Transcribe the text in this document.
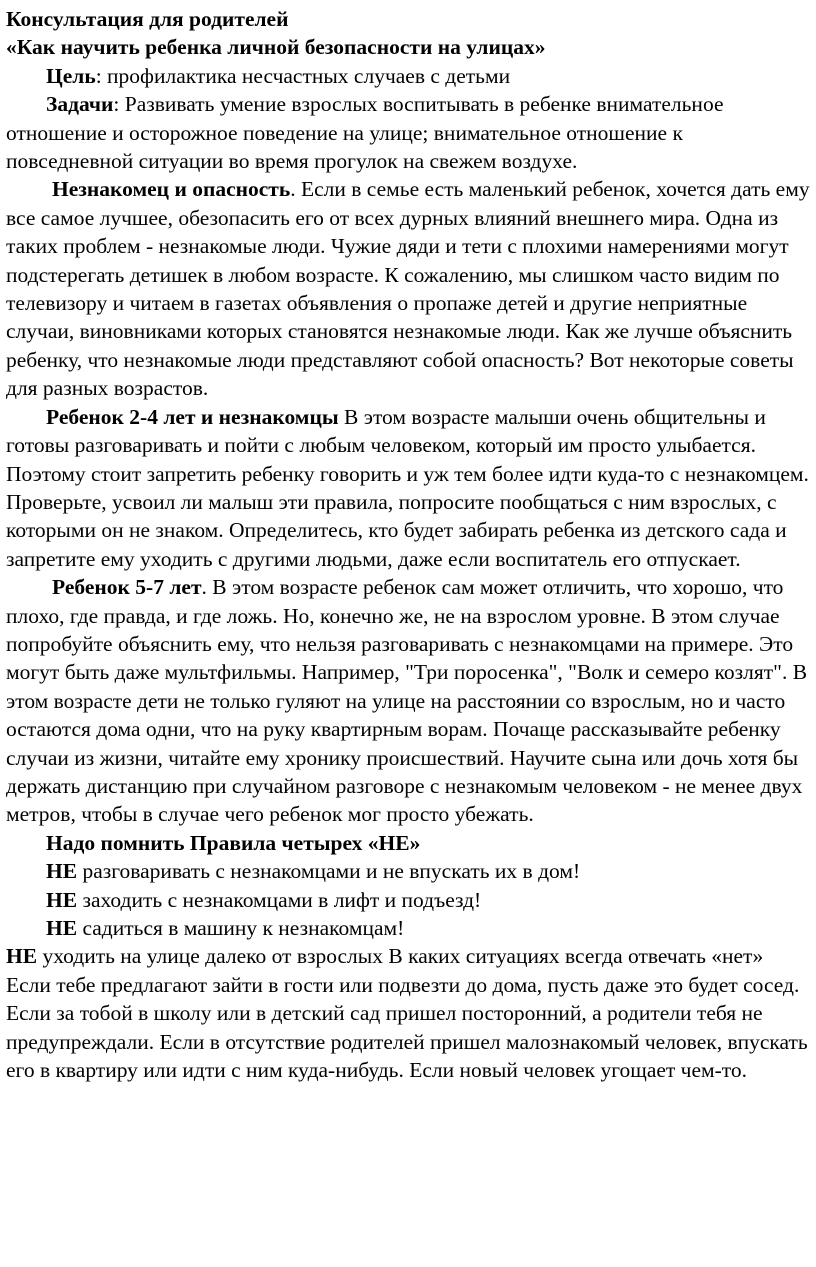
Консультация для родителей
«Как научить ребенка личной безопасности на улицах»

Цель: профилактика несчастных случаев с детьми

Задачи: Развивать умение взрослых воспитывать в ребенке внимательное отношение и осторожное поведение на улице; внимательное отношение к повседневной ситуации во время прогулок на свежем воздухе.

Незнакомец и опасность. Если в семье есть маленький ребенок, хочется дать ему все самое лучшее, обезопасить его от всех дурных влияний внешнего мира. Одна из таких проблем - незнакомые люди. Чужие дяди и тети с плохими намерениями могут подстерегать детишек в любом возрасте. К сожалению, мы слишком часто видим по телевизору и читаем в газетах объявления о пропаже детей и другие неприятные случаи, виновниками которых становятся незнакомые люди. Как же лучше объяснить ребенку, что незнакомые люди представляют собой опасность? Вот некоторые советы для разных возрастов.

Ребенок 2-4 лет и незнакомцы В этом возрасте малыши очень общительны и готовы разговаривать и пойти с любым человеком, который им просто улыбается. Поэтому стоит запретить ребенку говорить и уж тем более идти куда-то с незнакомцем. Проверьте, усвоил ли малыш эти правила, попросите пообщаться с ним взрослых, с которыми он не знаком. Определитесь, кто будет забирать ребенка из детского сада и запретите ему уходить с другими людьми, даже если воспитатель его отпускает.

Ребенок 5-7 лет. В этом возрасте ребенок сам может отличить, что хорошо, что плохо, где правда, и где ложь. Но, конечно же, не на взрослом уровне. В этом случае попробуйте объяснить ему, что нельзя разговаривать с незнакомцами на примере. Это могут быть даже мультфильмы. Например, "Три поросенка", "Волк и семеро козлят". В этом возрасте дети не только гуляют на улице на расстоянии со взрослым, но и часто остаются дома одни, что на руку квартирным ворам. Почаще рассказывайте ребенку случаи из жизни, читайте ему хронику происшествий. Научите сына или дочь хотя бы держать дистанцию при случайном разговоре с незнакомым человеком - не менее двух метров, чтобы в случае чего ребенок мог просто убежать.

Надо помнить Правила четырех «НЕ»

НЕ разговаривать с незнакомцами и не впускать их в дом!

НЕ заходить с незнакомцами в лифт и подъезд!

НЕ садиться в машину к незнакомцам!

НЕ уходить на улице далеко от взрослых В каких ситуациях всегда отвечать «нет» Если тебе предлагают зайти в гости или подвезти до дома, пусть даже это будет сосед. Если за тобой в школу или в детский сад пришел посторонний, а родители тебя не предупреждали. Если в отсутствие родителей пришел малознакомый человек, впускать его в квартиру или идти с ним куда-нибудь. Если новый человек угощает чем-то.
